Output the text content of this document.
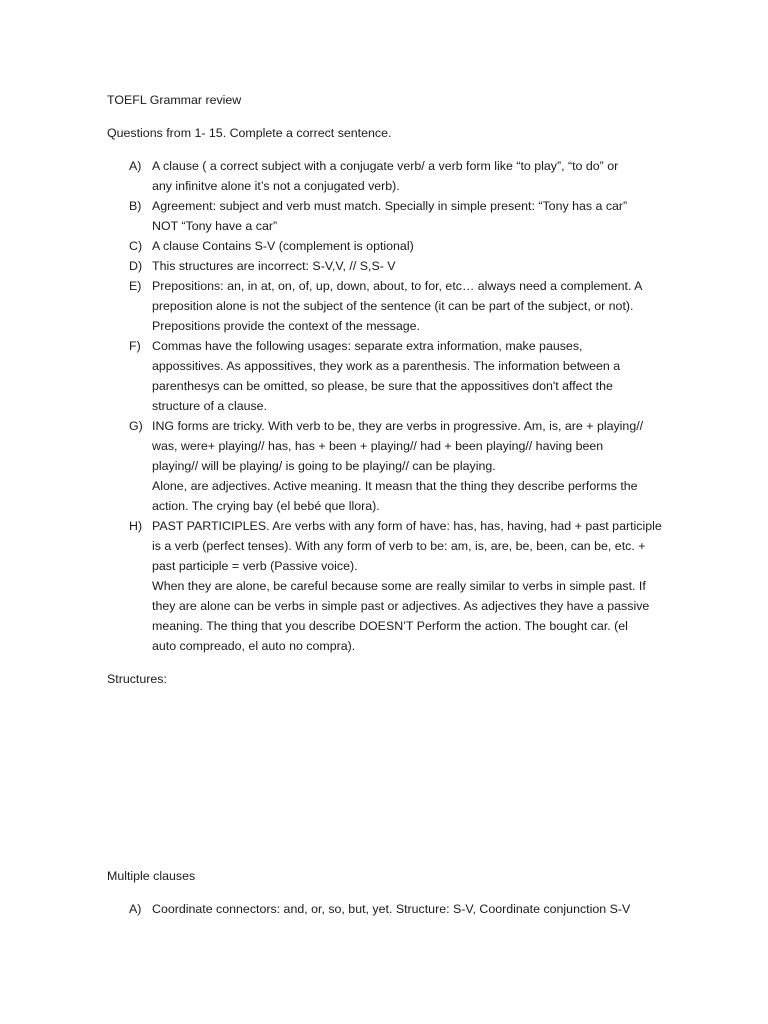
TOEFL Grammar review

Questions from 1- 15. Complete a correct sentence.

A) A clause ( a correct subject with a conjugate verb/ a verb form like “to play”, “to do” or
any infinitve alone it’s not a conjugated verb).
B) Agreement: subject and verb must match. Specially in simple present: “Tony has a car”
NOT “Tony have a car”
C) A clause Contains S-V (complement is optional)
D) This structures are incorrect: S-V,V, // S,S- V
E) Prepositions: an, in at, on, of, up, down, about, to for, etc… always need a complement. A
preposition alone is not the subject of the sentence (it can be part of the subject, or not).
Prepositions provide the context of the message.
F) Commas have the following usages: separate extra information, make pauses,
appossitives. As appossitives, they work as a parenthesis. The information between a
parenthesys can be omitted, so please, be sure that the appossitives don't affect the
structure of a clause.
G) ING forms are tricky. With verb to be, they are verbs in progressive. Am, is, are + playing//
was, were+ playing// has, has + been + playing// had + been playing// having been
playing// will be playing/ is going to be playing// can be playing.
Alone, are adjectives. Active meaning. It measn that the thing they describe performs the
action. The crying bay (el bebé que llora).
H) PAST PARTICIPLES. Are verbs with any form of have: has, has, having, had + past participle
is a verb (perfect tenses). With any form of verb to be: am, is, are, be, been, can be, etc. +
past participle = verb (Passive voice).
When they are alone, be careful because some are really similar to verbs in simple past. If
they are alone can be verbs in simple past or adjectives. As adjectives they have a passive
meaning. The thing that you describe DOESN’T Perform the action. The bought car. (el
auto compreado, el auto no compra).

Structures:

Multiple clauses

A) Coordinate connectors: and, or, so, but, yet. Structure: S-V, Coordinate conjunction S-V
